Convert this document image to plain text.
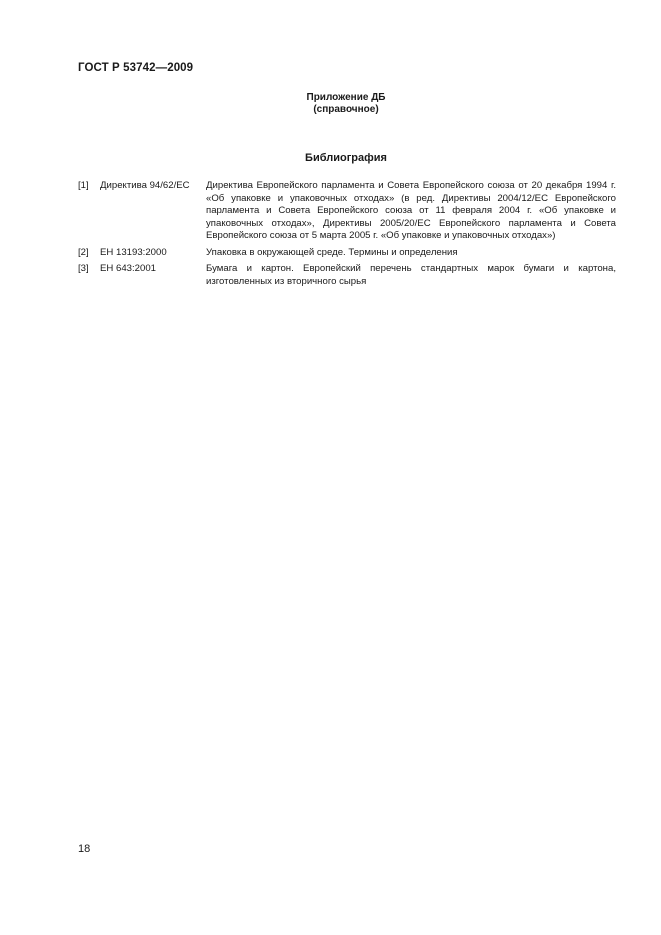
ГОСТ Р 53742—2009
Приложение ДБ
(справочное)
Библиография
[1]	Директива 94/62/ЕС	Директива Европейского парламента и Совета Европейского союза от 20 декабря 1994 г. «Об упаковке и упаковочных отходах» (в ред. Директивы 2004/12/ЕС Европейского парламента и Совета Европейского союза от 11 февраля 2004 г. «Об упаковке и упаковочных отходах», Директивы 2005/20/ЕС Европейского парламента и Совета Европейского союза от 5 марта 2005 г. «Об упаковке и упаковочных отходах»)
[2]	ЕН 13193:2000	Упаковка в окружающей среде. Термины и определения
[3]	ЕН 643:2001	Бумага и картон. Европейский перечень стандартных марок бумаги и картона, изготовленных из вторичного сырья
18
